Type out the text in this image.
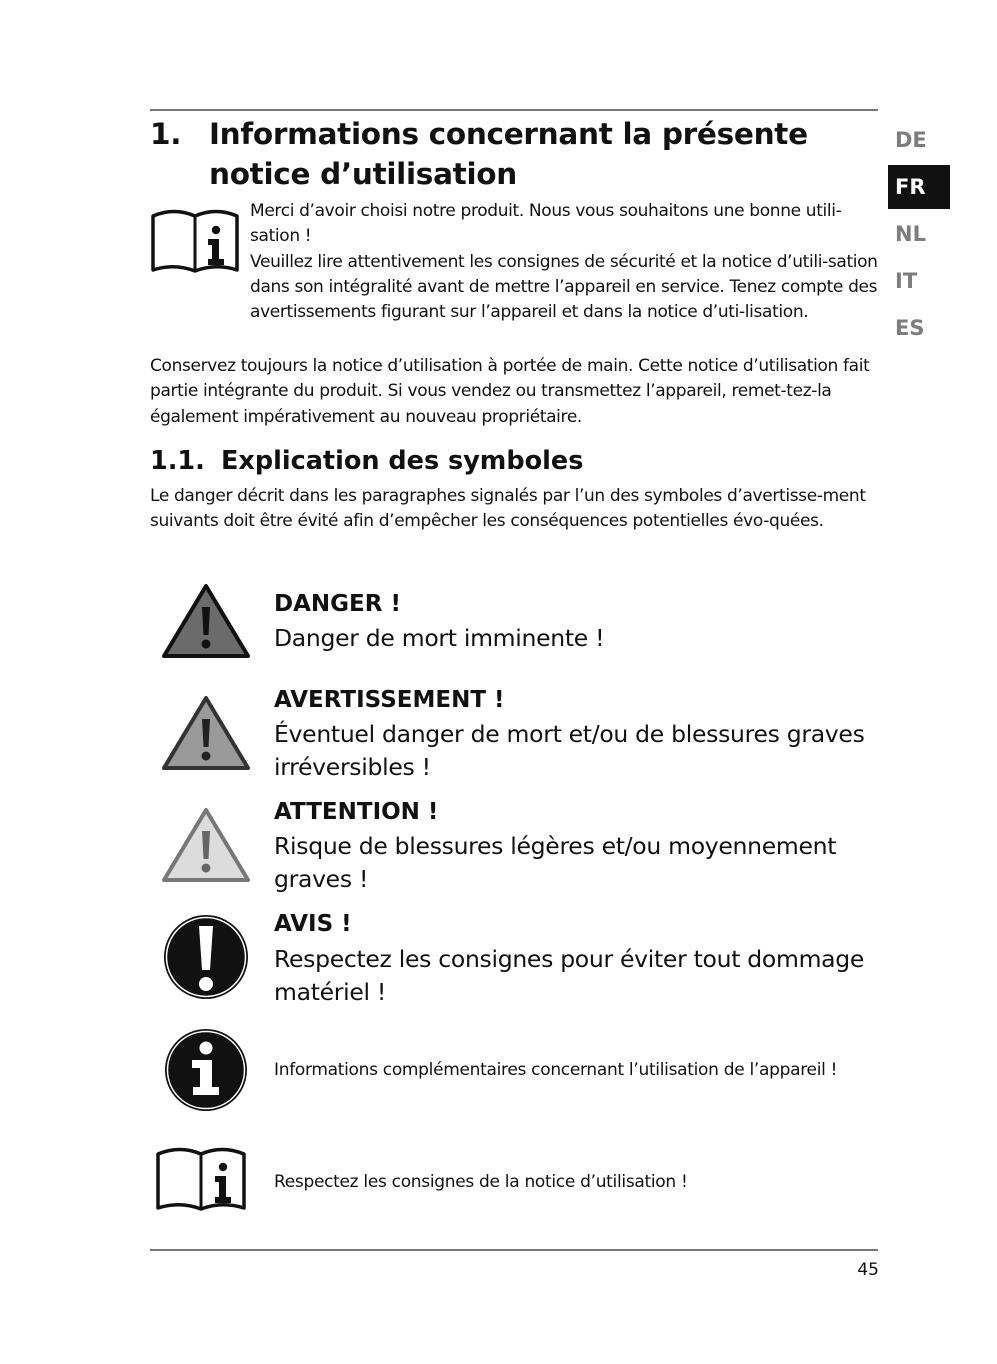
1. Informations concernant la présente notice d’utilisation
DE
FR
NL
IT
ES

Merci d’avoir choisi notre produit. Nous vous souhaitons une bonne utili-sation !

Veuillez lire attentivement les consignes de sécurité et la notice d’utili-sation dans son intégralité avant de mettre l’appareil en service. Tenez compte des avertissements figurant sur l’appareil et dans la notice d’uti-lisation.

Conservez toujours la notice d’utilisation à portée de main. Cette notice d’utilisation fait partie intégrante du produit. Si vous vendez ou transmettez l’appareil, remet-tez-la également impérativement au nouveau propriétaire.

1.1. Explication des symboles

Le danger décrit dans les paragraphes signalés par l’un des symboles d’avertisse-ment suivants doit être évité afin d’empêcher les conséquences potentielles évo-quées.

DANGER !
Danger de mort imminente !
AVERTISSEMENT !
Éventuel danger de mort et/ou de blessures graves irréversibles !
ATTENTION !
Risque de blessures légères et/ou moyennement graves !
AVIS !
Respectez les consignes pour éviter tout dommage matériel !
Informations complémentaires concernant l’utilisation de l’appareil !
Respectez les consignes de la notice d’utilisation !
45
